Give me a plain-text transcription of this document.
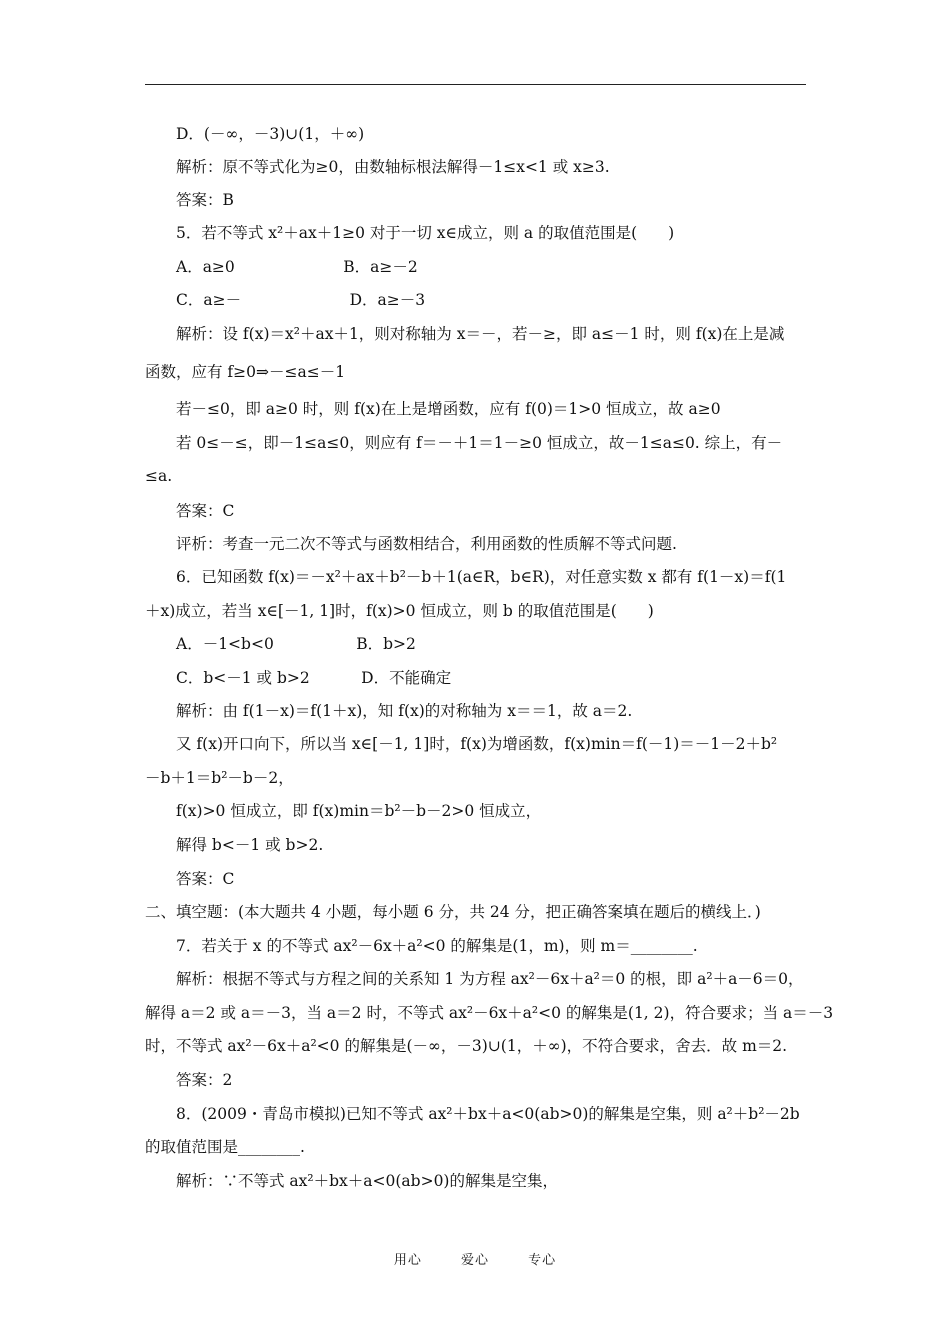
D．(－∞，－3)∪(1，＋∞)
解析：原不等式化为≥0，由数轴标根法解得－1≤x<1 或 x≥3.
答案：B
5．若不等式 x²＋ax＋1≥0 对于一切 x∈成立，则 a 的取值范围是(　　)
A．a≥0　　　　　　　B．a≥－2
C．a≥－　　　　　　　D．a≥－3
解析：设 f(x)＝x²＋ax＋1，则对称轴为 x＝－，若－≥，即 a≤－1 时，则 f(x)在上是减
函数，应有 f≥0⇒－≤a≤－1
若－≤0，即 a≥0 时，则 f(x)在上是增函数，应有 f(0)＝1>0 恒成立，故 a≥0
若 0≤－≤，即－1≤a≤0，则应有 f＝－＋1＝1－≥0 恒成立，故－1≤a≤0. 综上，有－
≤a.
答案：C
评析：考查一元二次不等式与函数相结合，利用函数的性质解不等式问题.
6．已知函数 f(x)＝－x²＋ax＋b²－b＋1(a∈R，b∈R)，对任意实数 x 都有 f(1－x)＝f(1
＋x)成立，若当 x∈[－1, 1]时，f(x)>0 恒成立，则 b 的取值范围是(　　)
A．－1<b<0　　　　　 B．b>2
C．b<－1 或 b>2　　　 D．不能确定
解析：由 f(1－x)＝f(1＋x)，知 f(x)的对称轴为 x＝＝1，故 a＝2.
又 f(x)开口向下，所以当 x∈[－1, 1]时，f(x)为增函数，f(x)min＝f(－1)＝－1－2＋b²
－b＋1＝b²－b－2，
f(x)>0 恒成立，即 f(x)min＝b²－b－2>0 恒成立，
解得 b<－1 或 b>2.
答案：C
二、填空题：(本大题共 4 小题，每小题 6 分，共 24 分，把正确答案填在题后的横线上．)
7．若关于 x 的不等式 ax²－6x＋a²<0 的解集是(1，m)，则 m＝________.
解析：根据不等式与方程之间的关系知 1 为方程 ax²－6x＋a²＝0 的根，即 a²＋a－6＝0，
解得 a＝2 或 a＝－3，当 a＝2 时，不等式 ax²－6x＋a²<0 的解集是(1, 2)，符合要求；当 a＝－3
时，不等式 ax²－6x＋a²<0 的解集是(－∞，－3)∪(1，＋∞)，不符合要求，舍去．故 m＝2.
答案：2
8．(2009・青岛市模拟)已知不等式 ax²＋bx＋a<0(ab>0)的解集是空集，则 a²＋b²－2b
的取值范围是________.
解析：∵不等式 ax²＋bx＋a<0(ab>0)的解集是空集，
用心	爱心	专心
